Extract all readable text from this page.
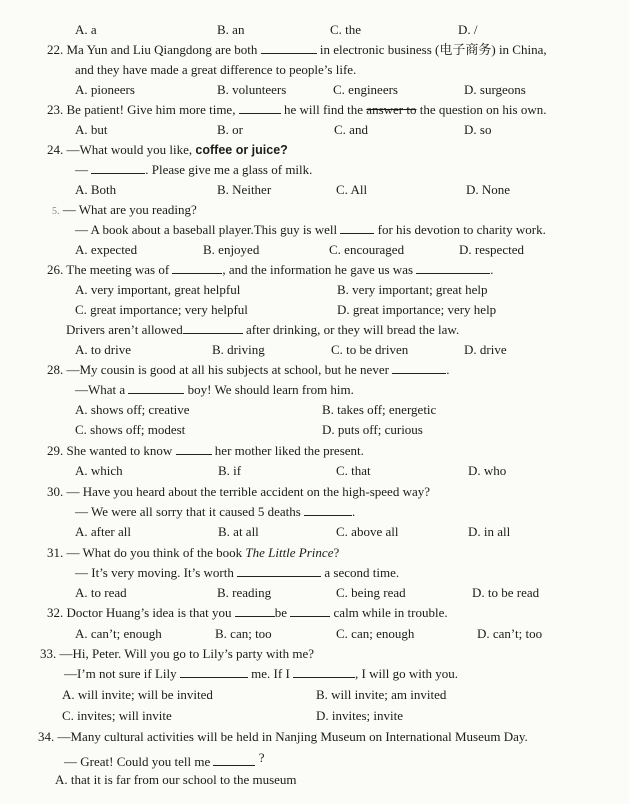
A. a	B. an	C. the	D. /
22. Ma Yun and Liu Qiangdong are both	in electronic business (电子商务) in China,
and they have made a great difference to people’s life.
A. pioneers	B. volunteers	C. engineers	D. surgeons
23. Be patient! Give him more time,	he will find the answer to the question on his own.
A. but	B. or	C. and	D. so
24. —What would you like, coffee or juice?
—	. Please give me a glass of milk.
A. Both	B. Neither	C. All	D. None
5. — What are you reading?
— A book about a baseball player.This guy is well	for his devotion to charity work.
A. expected	B. enjoyed	C. encouraged	D. respected
26. The meeting was of	, and the information he gave us was	.
A. very important, great helpful	B. very important; great help
C. great importance; very helpful	D. great importance; very help
Drivers aren’t allowed	after drinking, or they will bread the law.
A. to drive	B. driving	C. to be driven	D. drive
28. —My cousin is good at all his subjects at school, but he never	.
—What a	boy! We should learn from him.
A. shows off; creative	B. takes off; energetic
C. shows off; modest	D. puts off; curious
29. She wanted to know	her mother liked the present.
A. which	B. if	C. that	D. who
30. — Have you heard about the terrible accident on the high-speed way?
— We were all sorry that it caused 5 deaths	.
A. after all	B. at all	C. above all	D. in all
31. — What do you think of the book The Little Prince?
— It’s very moving. It’s worth	a second time.
A. to read	B. reading	C. being read	D. to be read
32. Doctor Huang’s idea is that you	be	calm while in trouble.
A. can’t; enough	B. can; too	C. can; enough	D. can’t; too
33. —Hi, Peter. Will you go to Lily’s party with me?
—I’m not sure if Lily	me. If I	, I will go with you.
A. will invite; will be invited	B. will invite; am invited
C. invites; will invite	D. invites; invite
34. —Many cultural activities will be held in Nanjing Museum on International Museum Day.
— Great! Could you tell me	?
A. that it is far from our school to the museum
